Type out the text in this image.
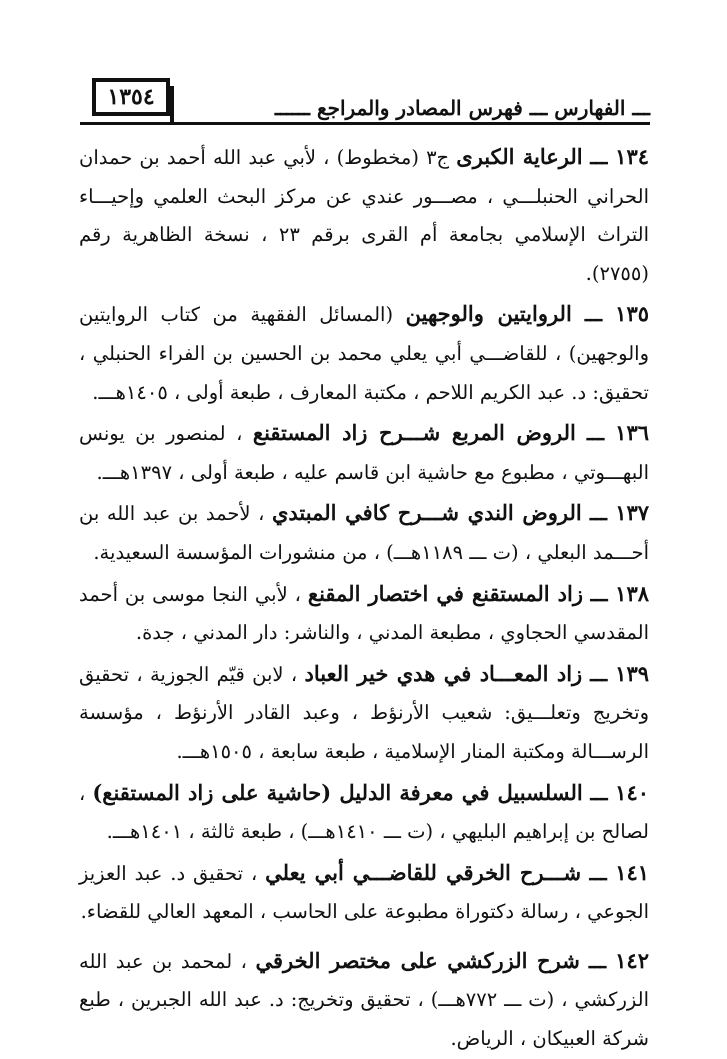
١٣٥٤	ـــ الفهارس ـــ فهرس المصادر والمراجع ــــــ

١٣٤ ـــ الرعاية الكبرى ج٣ (مخطوط) ، لأبي عبد الله أحمد بن حمدان الحراني الحنبلـــي ، مصـــور عندي عن مركز البحث العلمي وإحيـــاء التراث الإسلامي بجامعة أم القرى برقم ٢٣ ، نسخة الظاهرية رقم (٢٧٥٥).

١٣٥ ـــ الروايتين والوجهين (المسائل الفقهية من كتاب الروايتين والوجهين) ، للقاضـــي أبي يعلي محمد بن الحسين بن الفراء الحنبلي ، تحقيق: د. عبد الكريم اللاحم ، مكتبة المعارف ، طبعة أولى ، ١٤٠٥هـــ.

١٣٦ ـــ الروض المربع شـــرح زاد المستقنع ، لمنصور بن يونس البهـــوتي ، مطبوع مع حاشية ابن قاسم عليه ، طبعة أولى ، ١٣٩٧هـــ.

١٣٧ ـــ الروض الندي شـــرح كافي المبتدي ، لأحمد بن عبد الله بن أحـــمد البعلي ، (ت ـــ ١١٨٩هـــ) ، من منشورات المؤسسة السعيدية.

١٣٨ ـــ زاد المستقنع في اختصار المقنع ، لأبي النجا موسى بن أحمد المقدسي الحجاوي ، مطبعة المدني ، والناشر: دار المدني ، جدة.

١٣٩ ـــ زاد المعـــاد في هدي خير العباد ، لابن قيّم الجوزية ، تحقيق وتخريج وتعلـــيق: شعيب الأرنؤط ، وعبد القادر الأرنؤط ، مؤسسة الرســـالة ومكتبة المنار الإسلامية ، طبعة سابعة ، ١٥٠٥هـــ.

١٤٠ ـــ السلسبيل في معرفة الدليل (حاشية على زاد المستقنع) ، لصالح بن إبراهيم البليهي ، (ت ـــ ١٤١٠هـــ) ، طبعة ثالثة ، ١٤٠١هـــ.

١٤١ ـــ شـــرح الخرقي للقاضـــي أبي يعلي ، تحقيق د. عبد العزيز الجوعي ، رسالة دكتوراة مطبوعة على الحاسب ، المعهد العالي للقضاء.

١٤٢ ـــ شرح الزركشي على مختصر الخرقي ، لمحمد بن عبد الله الزركشي ، (ت ـــ ٧٧٢هـــ) ، تحقيق وتخريج: د. عبد الله الجبرين ، طبع شركة العبيكان ، الرياض.
